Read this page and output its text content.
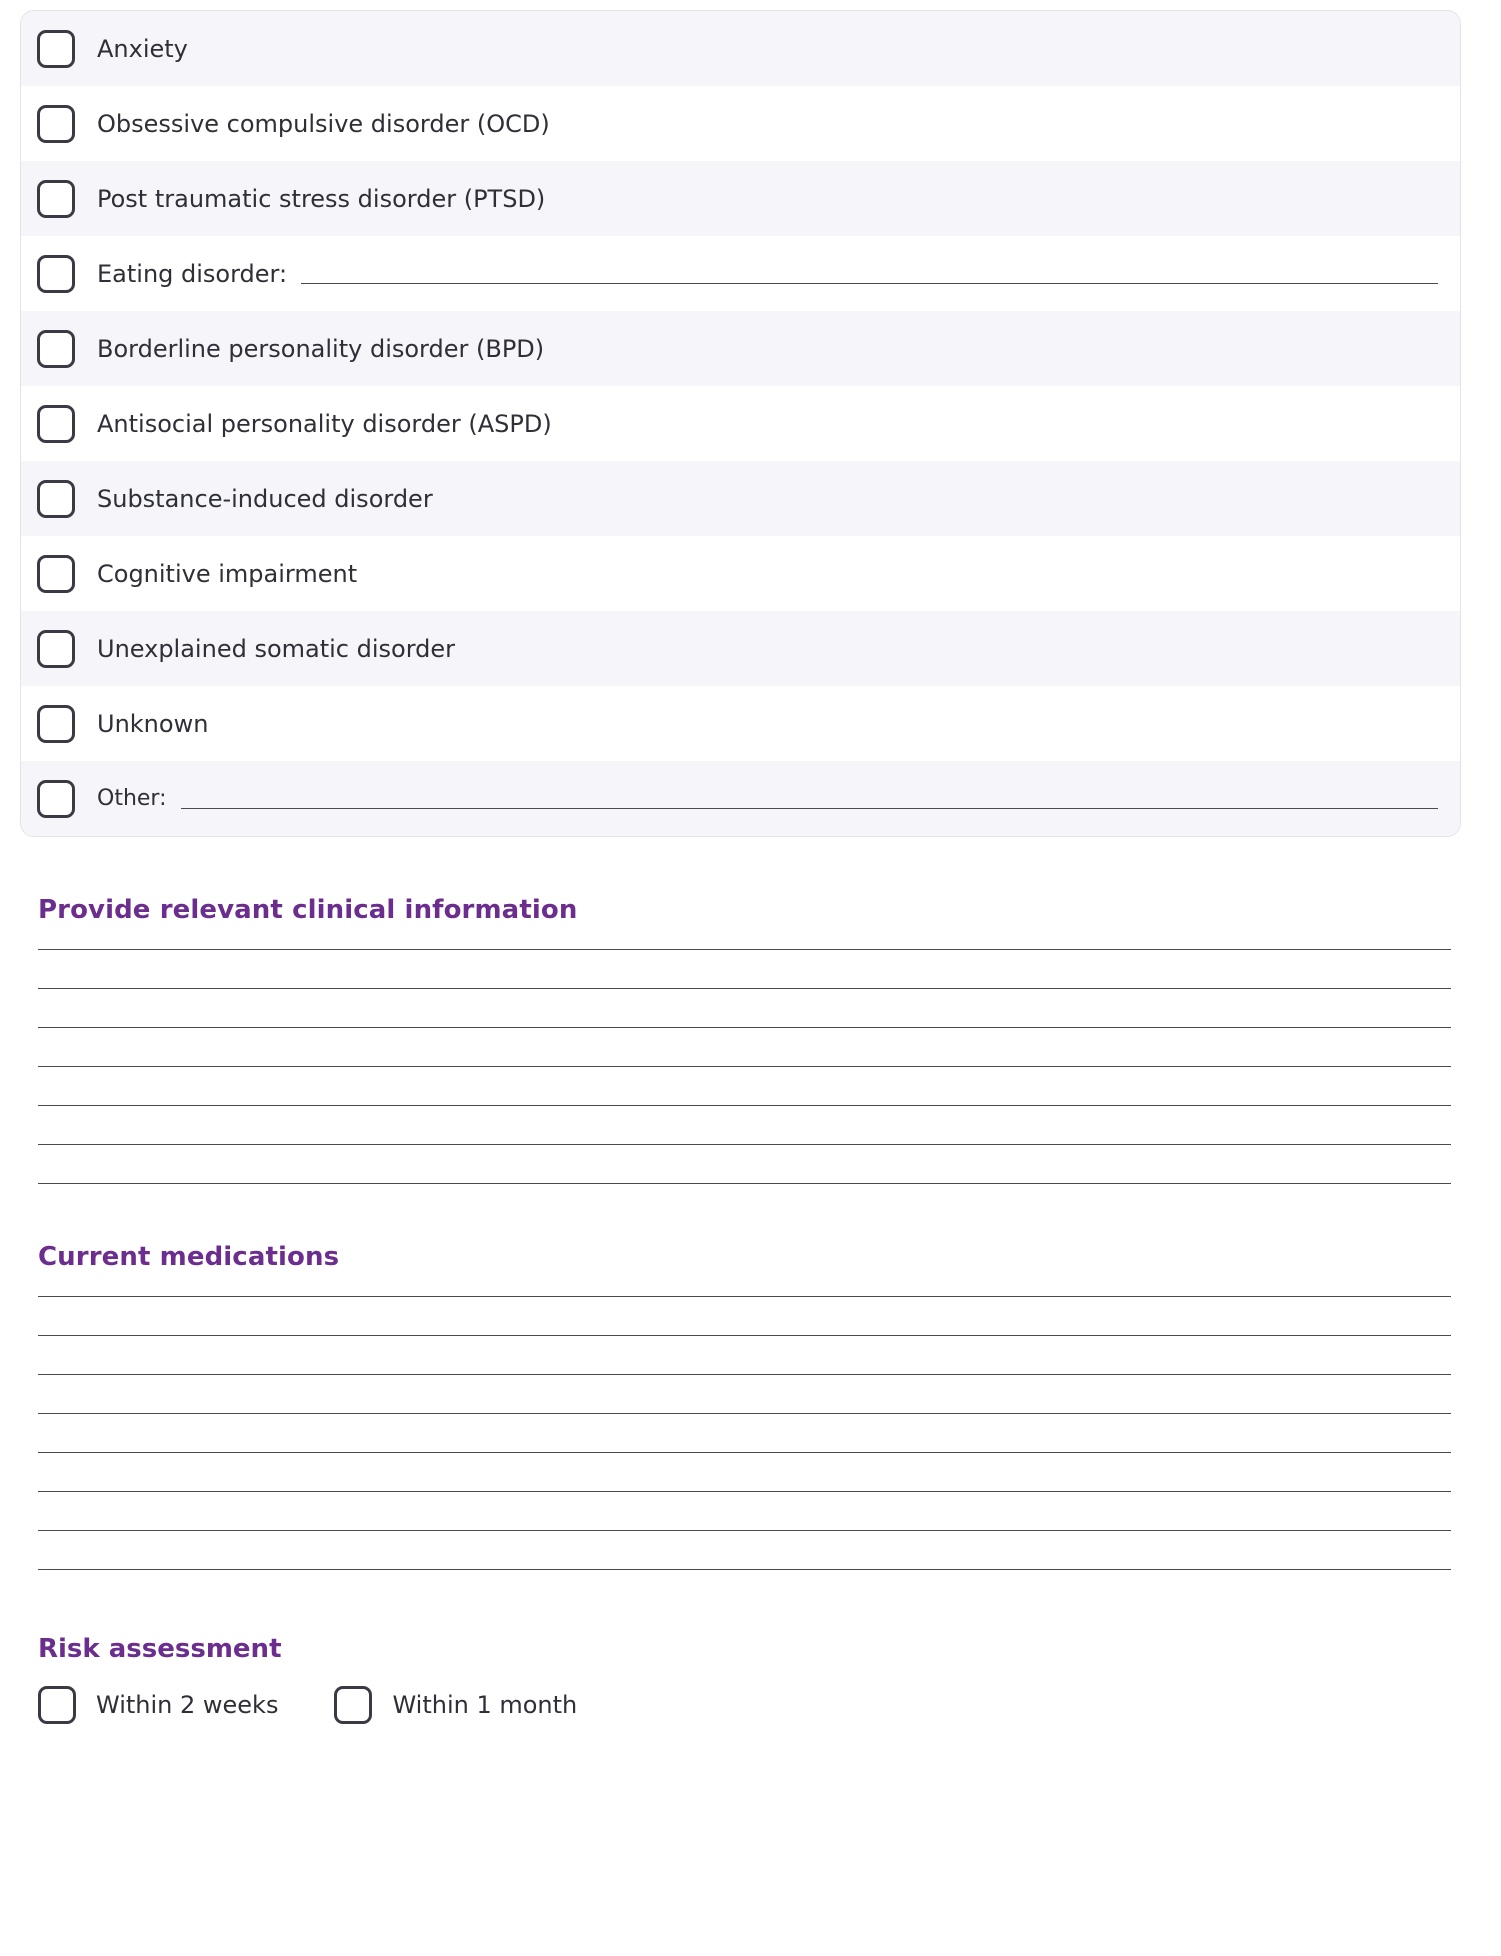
Anxiety
Obsessive compulsive disorder (OCD)
Post traumatic stress disorder (PTSD)
Eating disorder:
Borderline personality disorder (BPD)
Antisocial personality disorder (ASPD)
Substance-induced disorder
Cognitive impairment
Unexplained somatic disorder
Unknown
Other:
Provide relevant clinical information
Current medications
Risk assessment
Within 2 weeks	Within 1 month
